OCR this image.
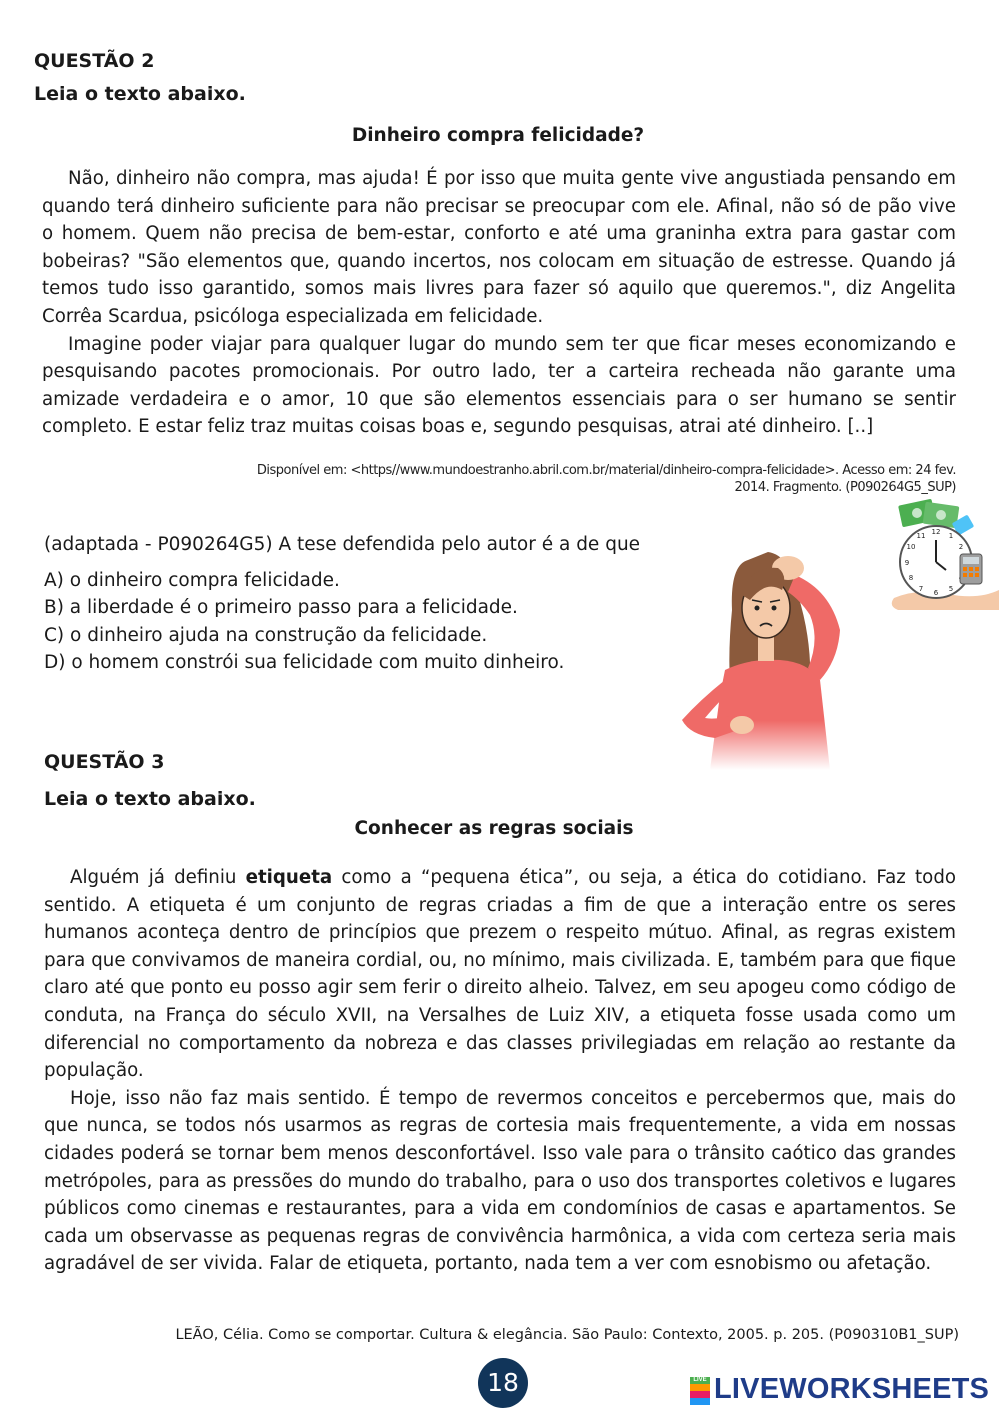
QUESTÃO 2
Leia o texto abaixo.
Dinheiro compra felicidade?

Não, dinheiro não compra, mas ajuda! É por isso que muita gente vive angustiada pensando em quando terá dinheiro suficiente para não precisar se preocupar com ele. Afinal, não só de pão vive o homem. Quem não precisa de bem-estar, conforto e até uma graninha extra para gastar com bobeiras? "São elementos que, quando incertos, nos colocam em situação de estresse. Quando já temos tudo isso garantido, somos mais livres para fazer só aquilo que queremos.", diz Angelita Corrêa Scardua, psicóloga especializada em felicidade.

Imagine poder viajar para qualquer lugar do mundo sem ter que ficar meses economizando e pesquisando pacotes promocionais. Por outro lado, ter a carteira recheada não garante uma amizade verdadeira e o amor, 10 que são elementos essenciais para o ser humano se sentir completo. E estar feliz traz muitas coisas boas e, segundo pesquisas, atrai até dinheiro. [..]

Disponível em: <https//www.mundoestranho.abril.com.br/material/dinheiro-compra-felicidade>. Acesso em: 24 fev.
2014. Fragmento. (P090264G5_SUP)
(adaptada - P090264G5) A tese defendida pelo autor é a de que
A) o dinheiro compra felicidade.
B) a liberdade é o primeiro passo para a felicidade.
C) o dinheiro ajuda na construção da felicidade.
D) o homem constrói sua felicidade com muito dinheiro.
12 1
2
5
6
7
8
9
10
11
QUESTÃO 3
Leia o texto abaixo.
Conhecer as regras sociais

Alguém já definiu etiqueta como a “pequena ética”, ou seja, a ética do cotidiano. Faz todo sentido. A etiqueta é um conjunto de regras criadas a fim de que a interação entre os seres humanos aconteça dentro de princípios que prezem o respeito mútuo. Afinal, as regras existem para que convivamos de maneira cordial, ou, no mínimo, mais civilizada. E, também para que fique claro até que ponto eu posso agir sem ferir o direito alheio. Talvez, em seu apogeu como código de conduta, na França do século XVII, na Versalhes de Luiz XIV, a etiqueta fosse usada como um diferencial no comportamento da nobreza e das classes privilegiadas em relação ao restante da população.

Hoje, isso não faz mais sentido. É tempo de revermos conceitos e percebermos que, mais do que nunca, se todos nós usarmos as regras de cortesia mais frequentemente, a vida em nossas cidades poderá se tornar bem menos desconfortável. Isso vale para o trânsito caótico das grandes metrópoles, para as pressões do mundo do trabalho, para o uso dos transportes coletivos e lugares públicos como cinemas e restaurantes, para a vida em condomínios de casas e apartamentos. Se cada um observasse as pequenas regras de convivência harmônica, a vida com certeza seria mais agradável de ser vivida. Falar de etiqueta, portanto, nada tem a ver com esnobismo ou afetação.

LEÃO, Célia. Como se comportar. Cultura & elegância. São Paulo: Contexto, 2005. p. 205. (P090310B1_SUP)
18	LIVE LIVEWORKSHEETS
